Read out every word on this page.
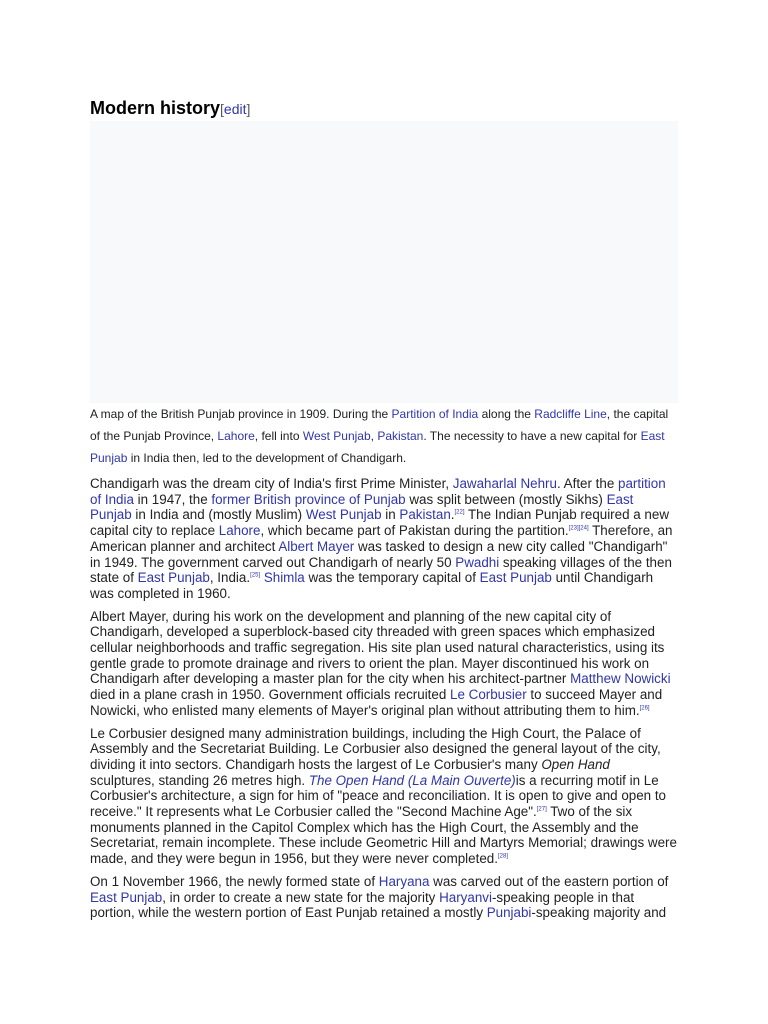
Modern history[edit]
A map of the British Punjab province in 1909. During the Partition of India along the Radcliffe Line, the capital of the Punjab Province, Lahore, fell into West Punjab, Pakistan. The necessity to have a new capital for East Punjab in India then, led to the development of Chandigarh.

Chandigarh was the dream city of India's first Prime Minister, Jawaharlal Nehru. After the partition of India in 1947, the former British province of Punjab was split between (mostly Sikhs) East Punjab in India and (mostly Muslim) West Punjab in Pakistan.[22] The Indian Punjab required a new capital city to replace Lahore, which became part of Pakistan during the partition.[23][24] Therefore, an American planner and architect Albert Mayer was tasked to design a new city called "Chandigarh" in 1949. The government carved out Chandigarh of nearly 50 Pwadhi speaking villages of the then state of East Punjab, India.[25] Shimla was the temporary capital of East Punjab until Chandigarh was completed in 1960.

Albert Mayer, during his work on the development and planning of the new capital city of Chandigarh, developed a superblock-based city threaded with green spaces which emphasized cellular neighborhoods and traffic segregation. His site plan used natural characteristics, using its gentle grade to promote drainage and rivers to orient the plan. Mayer discontinued his work on Chandigarh after developing a master plan for the city when his architect-partner Matthew Nowicki died in a plane crash in 1950. Government officials recruited Le Corbusier to succeed Mayer and Nowicki, who enlisted many elements of Mayer's original plan without attributing them to him.[26]

Le Corbusier designed many administration buildings, including the High Court, the Palace of Assembly and the Secretariat Building. Le Corbusier also designed the general layout of the city, dividing it into sectors. Chandigarh hosts the largest of Le Corbusier's many Open Hand sculptures, standing 26 metres high. The Open Hand (La Main Ouverte)is a recurring motif in Le Corbusier's architecture, a sign for him of "peace and reconciliation. It is open to give and open to receive." It represents what Le Corbusier called the "Second Machine Age".[27] Two of the six monuments planned in the Capitol Complex which has the High Court, the Assembly and the Secretariat, remain incomplete. These include Geometric Hill and Martyrs Memorial; drawings were made, and they were begun in 1956, but they were never completed.[28]

On 1 November 1966, the newly formed state of Haryana was carved out of the eastern portion of East Punjab, in order to create a new state for the majority Haryanvi-speaking people in that portion, while the western portion of East Punjab retained a mostly Punjabi-speaking majority and
